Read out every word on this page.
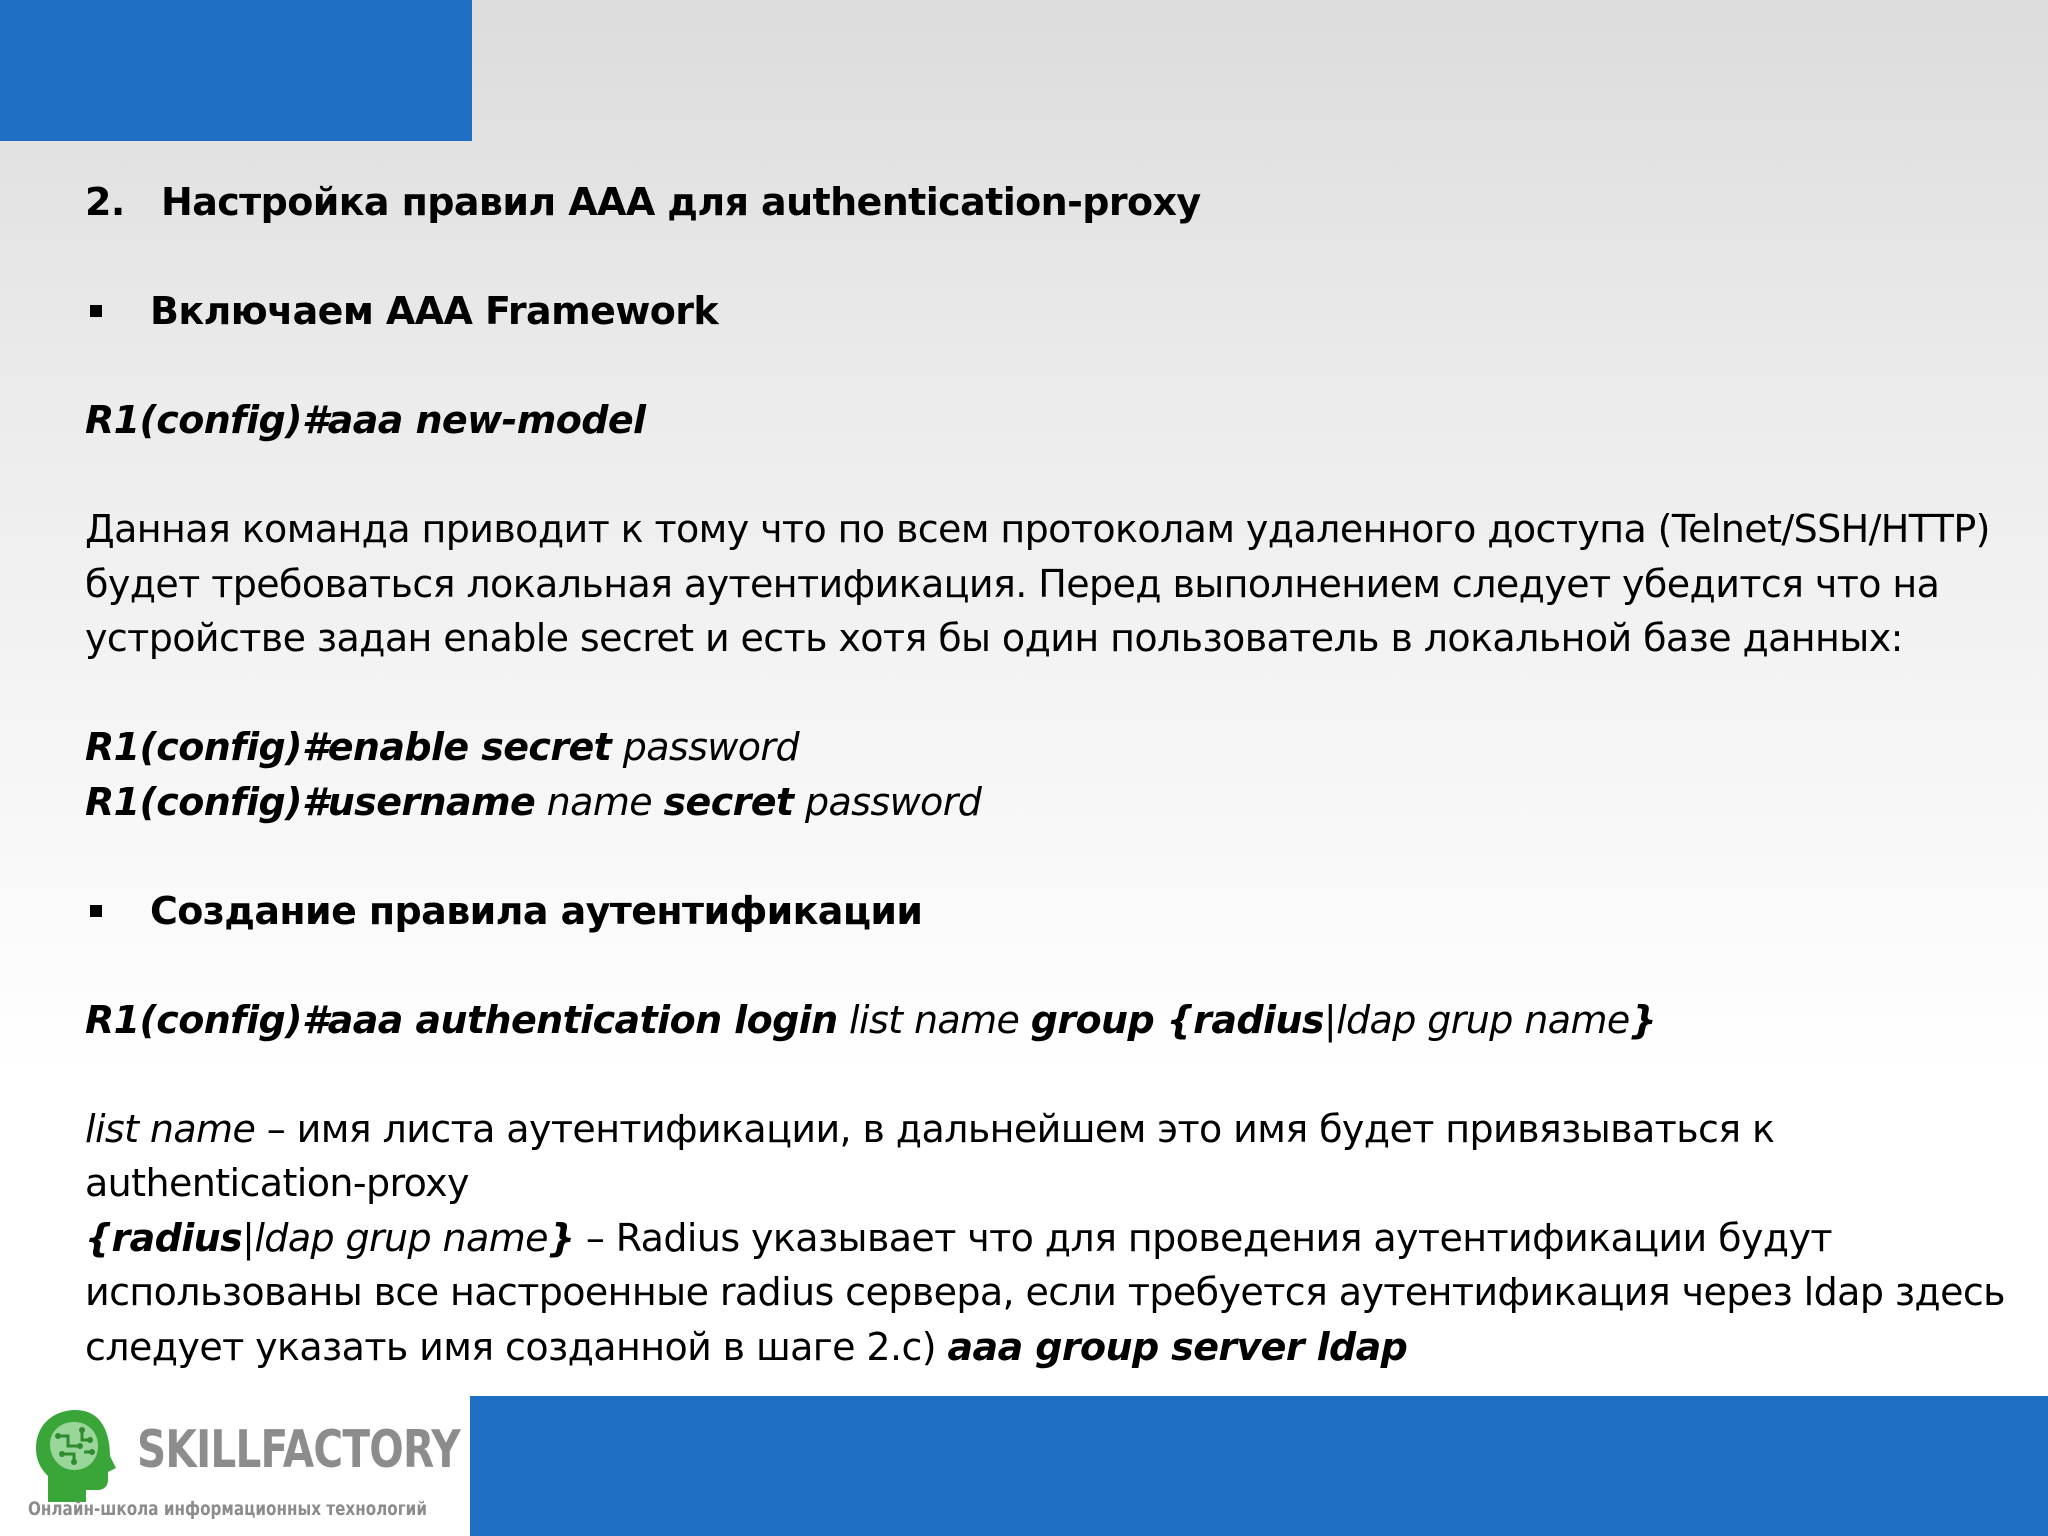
2. Настройка правил AAA для authentication-proxy
Включаем AAA Framework
R1(config)#aaa new-model
Данная команда приводит к тому что по всем протоколам удаленного доступа (Telnet/SSH/HTTP)
будет требоваться локальная аутентификация. Перед выполнением следует убедится что на
устройстве задан enable secret и есть хотя бы один пользователь в локальной базе данных:
R1(config)#enable secret password
R1(config)#username name secret password
Создание правила аутентификации
R1(config)#aaa authentication login list name group {radius|ldap grup name}
list name – имя листа аутентификации, в дальнейшем это имя будет привязываться к
authentication-proxy
{radius|ldap grup name} – Radius указывает что для проведения аутентификации будут
использованы все настроенные radius сервера, если требуется аутентификация через ldap здесь
следует указать имя созданной в шаге 2.c) aaa group server ldap
SKILLFACTORY
Онлайн-школа информационных технологий
